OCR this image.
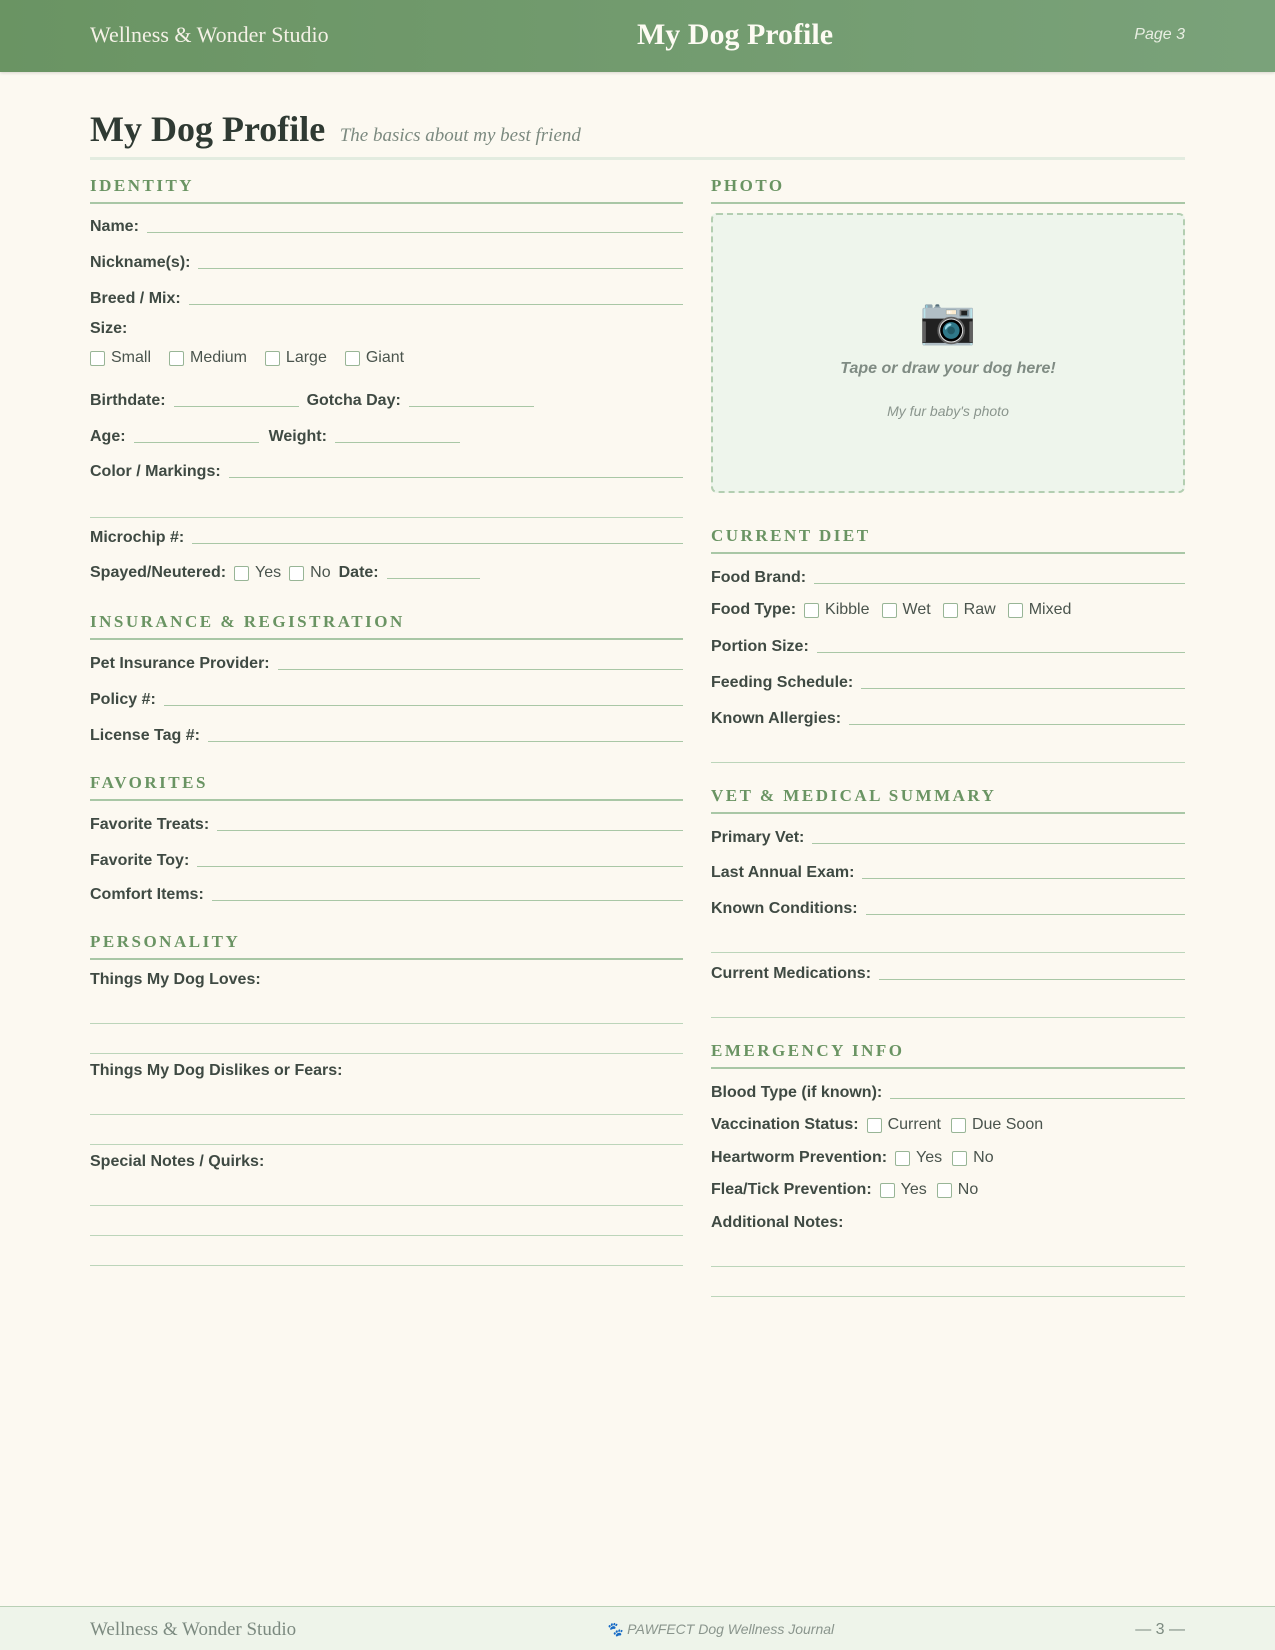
Wellness & Wonder Studio	My Dog Profile	Page 3
My Dog Profile The basics about my best friend
IDENTITY
Name:
Nickname(s):
Breed / Mix:
Size:
Small Medium Large Giant
Birthdate:	Gotcha Day:
Age:	Weight:
Color / Markings:
Microchip #:
Spayed/Neutered: Yes No Date:
INSURANCE & REGISTRATION
Pet Insurance Provider:
Policy #:
License Tag #:
FAVORITES
Favorite Treats:
Favorite Toy:
Comfort Items:
PERSONALITY
Things My Dog Loves:
Things My Dog Dislikes or Fears:
Special Notes / Quirks:
PHOTO
📷
Tape or draw your dog here!
My fur baby's photo
CURRENT DIET
Food Brand:
Food Type: Kibble Wet Raw Mixed
Portion Size:
Feeding Schedule:
Known Allergies:
VET & MEDICAL SUMMARY
Primary Vet:
Last Annual Exam:
Known Conditions:
Current Medications:
EMERGENCY INFO
Blood Type (if known):
Vaccination Status: Current Due Soon
Heartworm Prevention: Yes No
Flea/Tick Prevention: Yes No
Additional Notes:
Wellness & Wonder Studio	🐾 PAWFECT Dog Wellness Journal	— 3 —
